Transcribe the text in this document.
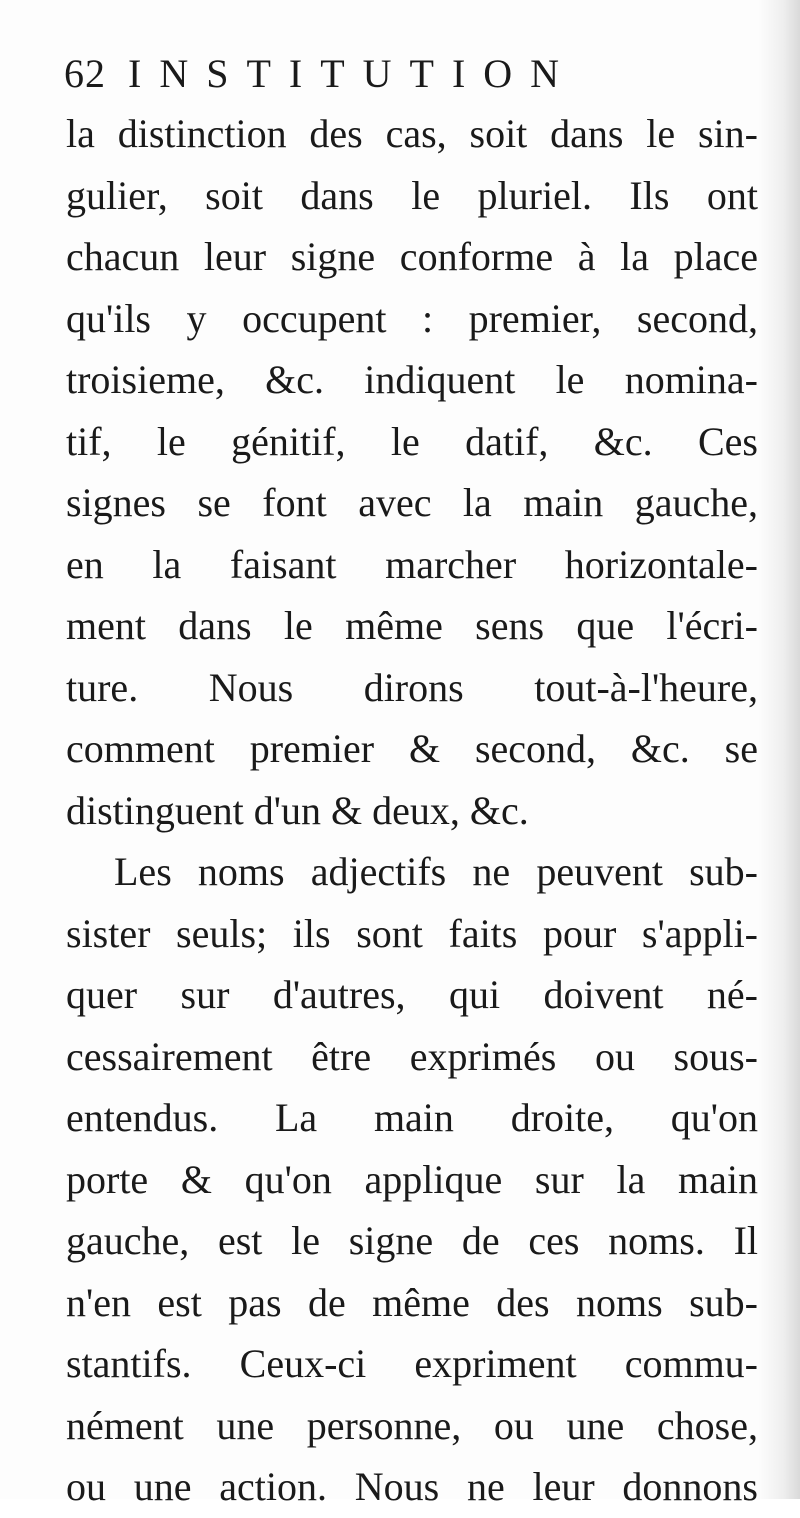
62 INSTITUTION
la distinction des cas, soit dans le sin-
gulier, soit dans le pluriel. Ils ont
chacun leur signe conforme à la place
qu'ils y occupent : premier, second,
troisieme, &c. indiquent le nomina-
tif, le génitif, le datif, &c. Ces
signes se font avec la main gauche,
en la faisant marcher horizontale-
ment dans le même sens que l'écri-
ture. Nous dirons tout-à-l'heure,
comment premier & second, &c. se
distinguent d'un & deux, &c.
Les noms adjectifs ne peuvent sub-
sister seuls; ils sont faits pour s'appli-
quer sur d'autres, qui doivent né-
cessairement être exprimés ou sous-
entendus. La main droite, qu'on
porte & qu'on applique sur la main
gauche, est le signe de ces noms. Il
n'en est pas de même des noms sub-
stantifs. Ceux-ci expriment commu-
nément une personne, ou une chose,
ou une action. Nous ne leur donnons
